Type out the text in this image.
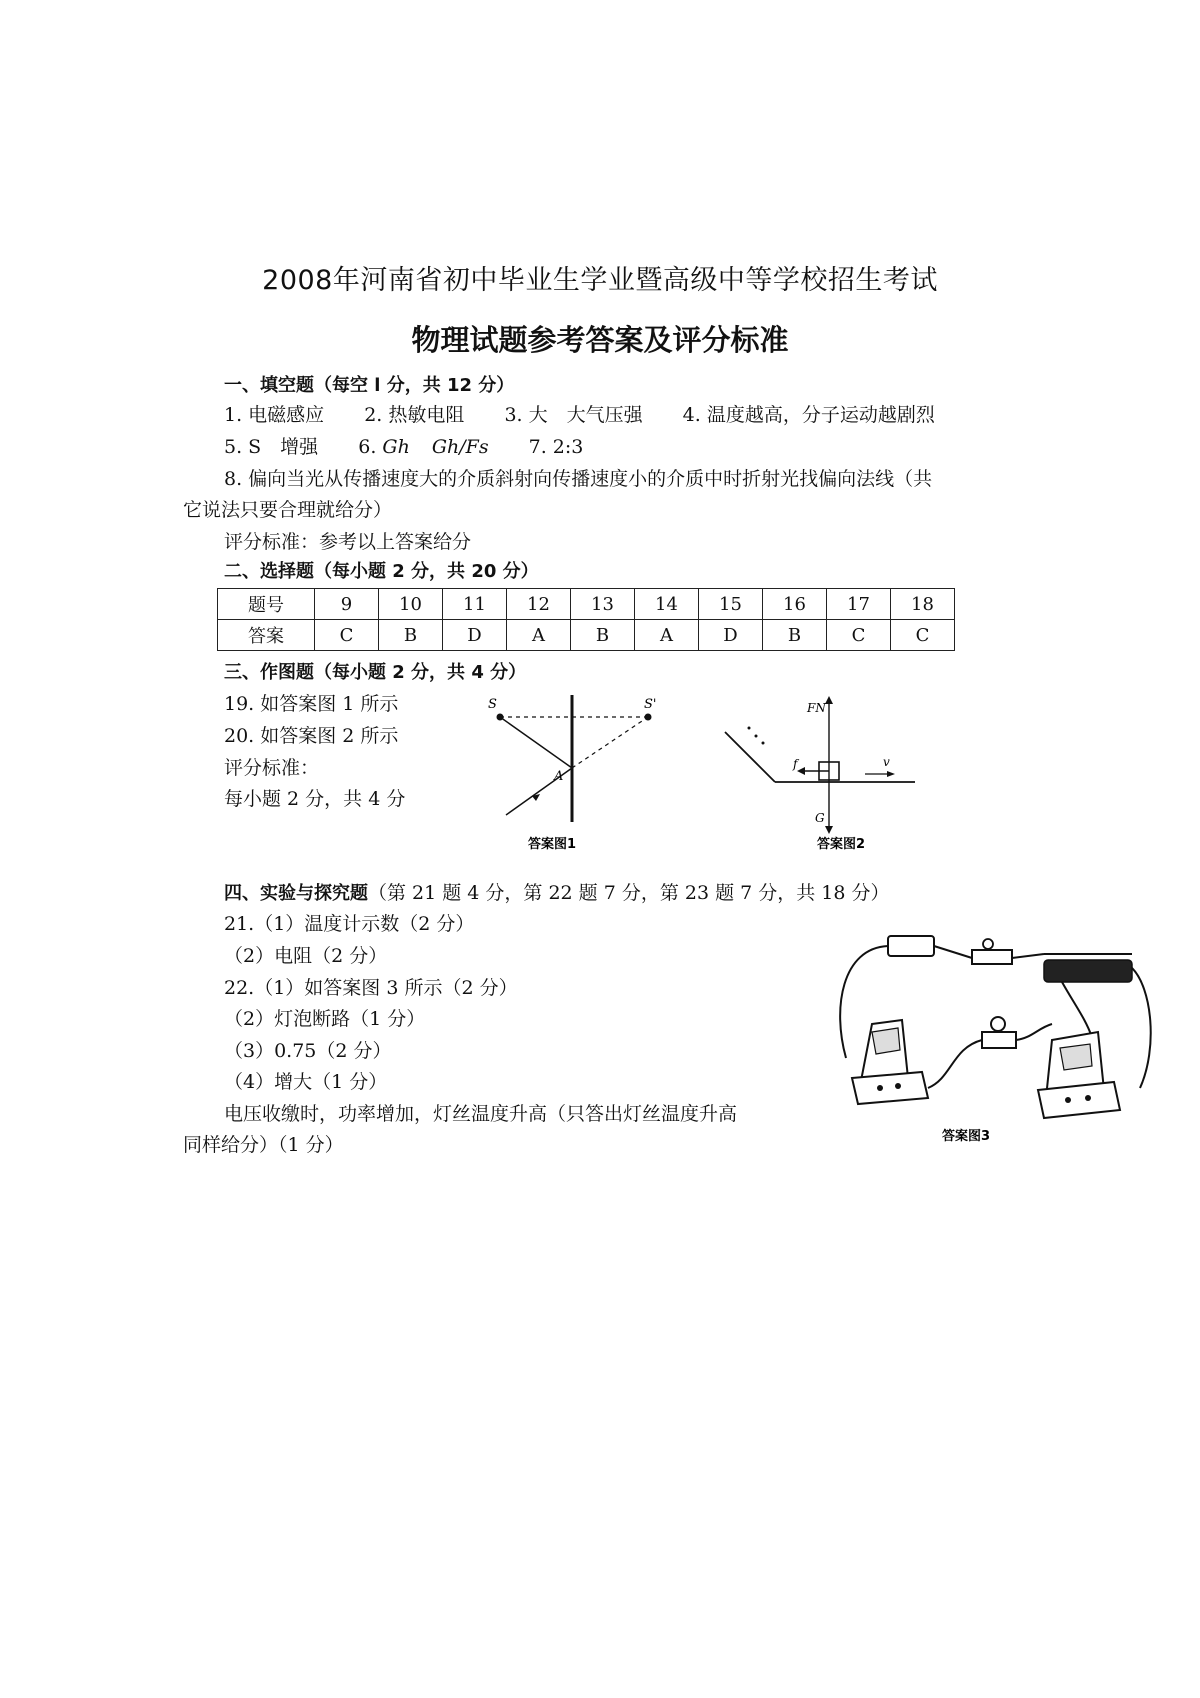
2008年河南省初中毕业生学业暨高级中等学校招生考试
物理试题参考答案及评分标准
一、填空题（每空 l 分，共 12 分）
1. 电磁感应 2. 热敏电阻 3. 大　大气压强 4. 温度越高，分子运动越剧烈
5. S　增强 6. Gh Gh/Fs 7. 2:3
8. 偏向当光从传播速度大的介质斜射向传播速度小的介质中时折射光找偏向法线（共
它说法只要合理就给分）
评分标准：参考以上答案给分
二、选择题（每小题 2 分，共 20 分）
题号	9	10	11	12	13	14	15	16	17	18
答案	C	B	D	A	B	A	D	B	C	C
三、作图题（每小题 2 分，共 4 分）
19. 如答案图 1 所示
20. 如答案图 2 所示
评分标准：
每小题 2 分，共 4 分
S	S'
A
答案图1
FN
f
G
v
答案图2
四、实验与探究题（第 21 题 4 分，第 22 题 7 分，第 23 题 7 分，共 18 分）
21.（1）温度计示数（2 分）
（2）电阻（2 分）
22.（1）如答案图 3 所示（2 分）
（2）灯泡断路（1 分）
（3）0.75（2 分）
（4）增大（1 分）
电压收缴时，功率增加，灯丝温度升高（只答出灯丝温度升高
同样给分）（1 分）	答案图3
